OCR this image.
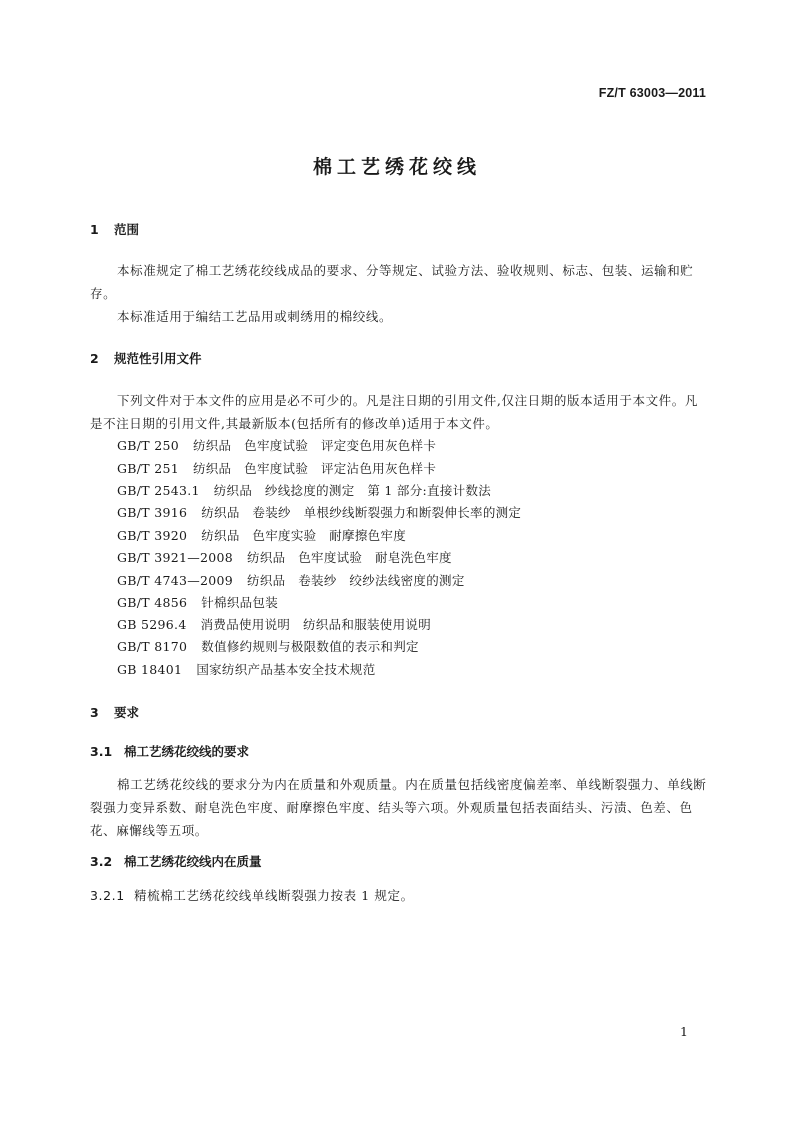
FZ/T 63003—2011
棉工艺绣花绞线
1 范围

本标准规定了棉工艺绣花绞线成品的要求、分等规定、试验方法、验收规则、标志、包装、运输和贮存。

本标准适用于编结工艺品用或刺绣用的棉绞线。

2 规范性引用文件

下列文件对于本文件的应用是必不可少的。凡是注日期的引用文件,仅注日期的版本适用于本文件。凡是不注日期的引用文件,其最新版本(包括所有的修改单)适用于本文件。

GB/T 250 纺织品　色牢度试验　评定变色用灰色样卡
GB/T 251 纺织品　色牢度试验　评定沾色用灰色样卡
GB/T 2543.1 纺织品　纱线捻度的测定　第 1 部分:直接计数法
GB/T 3916 纺织品　卷装纱　单根纱线断裂强力和断裂伸长率的测定
GB/T 3920 纺织品　色牢度实验　耐摩擦色牢度
GB/T 3921—2008 纺织品　色牢度试验　耐皂洗色牢度
GB/T 4743—2009 纺织品　卷装纱　绞纱法线密度的测定
GB/T 4856 针棉织品包装
GB 5296.4 消费品使用说明　纺织品和服装使用说明
GB/T 8170 数值修约规则与极限数值的表示和判定
GB 18401 国家纺织产品基本安全技术规范
3 要求
3.1 棉工艺绣花绞线的要求

棉工艺绣花绞线的要求分为内在质量和外观质量。内在质量包括线密度偏差率、单线断裂强力、单线断裂强力变异系数、耐皂洗色牢度、耐摩擦色牢度、结头等六项。外观质量包括表面结头、污渍、色差、色花、麻懈线等五项。

3.2 棉工艺绣花绞线内在质量
3.2.1 精梳棉工艺绣花绞线单线断裂强力按表 1 规定。
1
